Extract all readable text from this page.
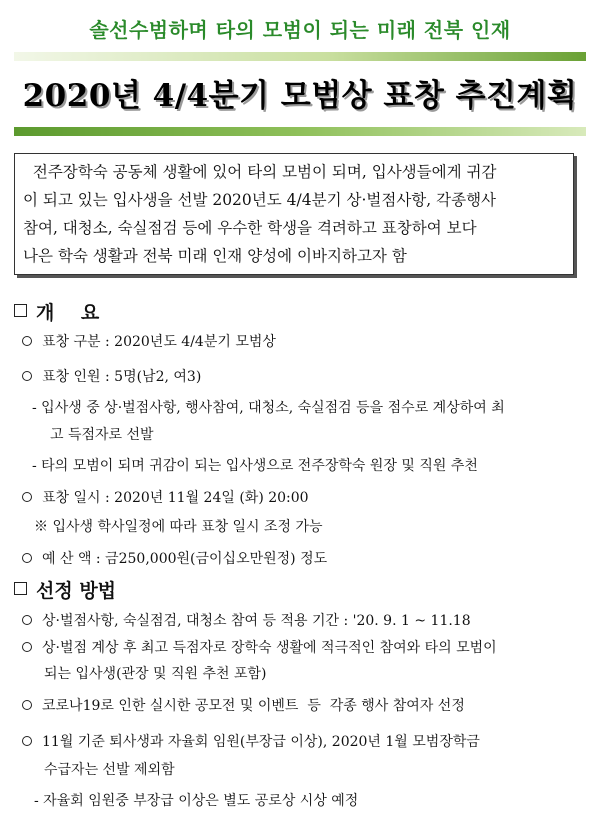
솔선수범하며 타의 모범이 되는 미래 전북 인재
2020년 4/4분기 모범상 표창 추진계획
전주장학숙 공동체 생활에 있어 타의 모범이 되며, 입사생들에게 귀감
이 되고 있는 입사생을 선발 2020년도 4/4분기 상·벌점사항, 각종행사
참여, 대청소, 숙실점검 등에 우수한 학생을 격려하고 표창하여 보다
나은 학숙 생활과 전북 미래 인재 양성에 이바지하고자 함
개    요
표창 구분 : 2020년도 4/4분기 모범상
표창 인원 : 5명(남2, 여3)
- 입사생 중 상·벌점사항, 행사참여, 대청소, 숙실점검 등을 점수로 계상하여 최
고 득점자로 선발
- 타의 모범이 되며 귀감이 되는 입사생으로 전주장학숙 원장 및 직원 추천
표창 일시 : 2020년 11월 24일 (화) 20:00
※ 입사생 학사일정에 따라 표창 일시 조정 가능
예 산 액 : 금250,000원(금이십오만원정) 정도
선정 방법
상·벌점사항, 숙실점검, 대청소 참여 등 적용 기간 : '20. 9. 1 ~ 11.18
상·벌점 계상 후 최고 득점자로 장학숙 생활에 적극적인 참여와 타의 모범이
되는 입사생(관장 및 직원 추천 포함)
코로나19로 인한 실시한 공모전 및 이벤트  등  각종 행사 참여자 선정
11월 기준 퇴사생과 자율회 임원(부장급 이상), 2020년 1월 모범장학금
수급자는 선발 제외함
- 자율회 임원중 부장급 이상은 별도 공로상 시상 예정
